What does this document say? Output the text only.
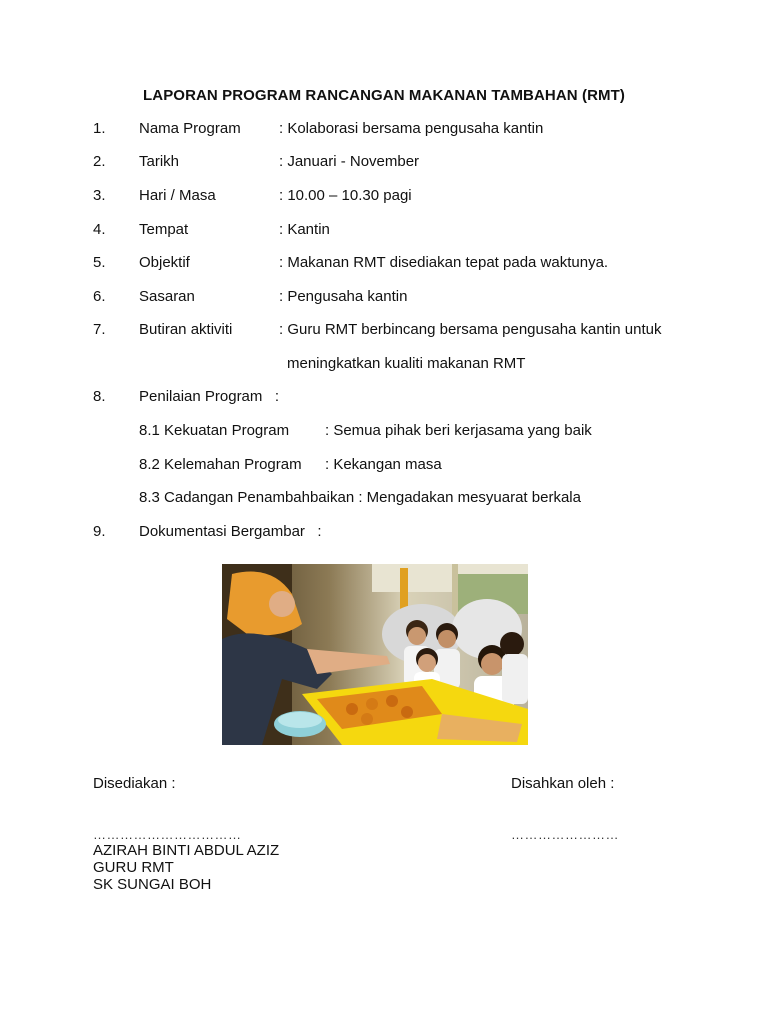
LAPORAN PROGRAM RANCANGAN MAKANAN TAMBAHAN (RMT)
1. Nama Program	: Kolaborasi bersama pengusaha kantin
2. Tarikh	: Januari - November
3. Hari / Masa	: 10.00 – 10.30 pagi
4. Tempat	: Kantin
5. Objektif	: Makanan RMT disediakan tepat pada waktunya.
6. Sasaran	: Pengusaha kantin
7. Butiran aktiviti	: Guru RMT berbincang bersama pengusaha kantin untuk
meningkatkan kualiti makanan RMT
8. Penilaian Program   :
8.1 Kekuatan Program : Semua pihak beri kerjasama yang baik
8.2 Kelemahan Program : Kekangan masa
8.3 Cadangan Penambahbaikan : Mengadakan mesyuarat berkala
9. Dokumentasi Bergambar   :
Disediakan :	Disahkan oleh :
……………………………	……………………
AZIRAH BINTI ABDUL AZIZ
GURU RMT
SK SUNGAI BOH
